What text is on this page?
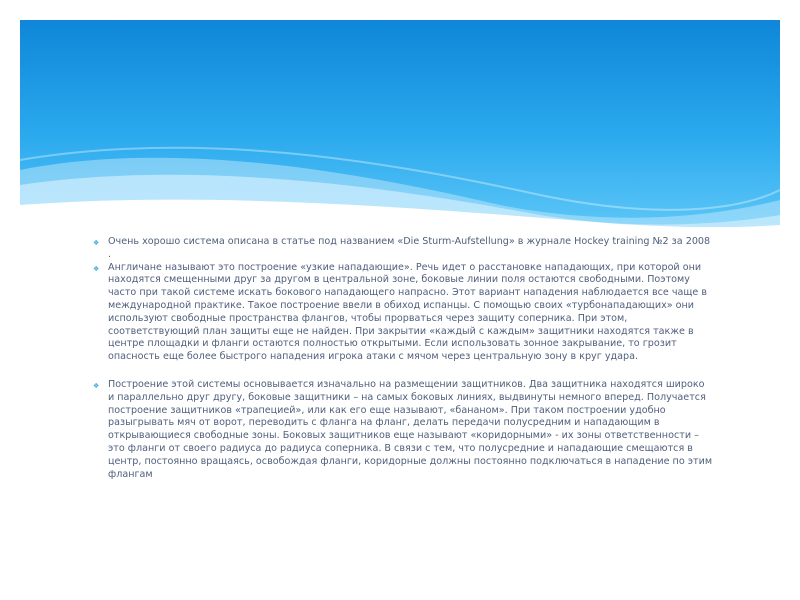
❖ Очень хорошо система описана в статье под названием «Die Sturm-Aufstellung» в журнале Hockey training №2 за 2008 .

❖ Англичане называют это построение «узкие нападающие». Речь идет о расстановке нападающих, при которой они находятся смещенными друг за другом в центральной зоне, боковые линии поля остаются свободными. Поэтому часто при такой системе искать бокового нападающего напрасно. Этот вариант нападения наблюдается все чаще в международной практике. Такое построение ввели в обиход испанцы. С помощью своих «турбонападающих» они используют свободные пространства флангов, чтобы прорваться через защиту соперника. При этом, соответствующий план защиты еще не найден. При закрытии «каждый с каждым» защитники находятся также в центре площадки и фланги остаются полностью открытыми. Если использовать зонное закрывание, то грозит опасность еще более быстрого нападения игрока атаки с мячом через центральную зону в круг удара.

❖ Построение этой системы основывается изначально на размещении защитников. Два защитника находятся широко и параллельно друг другу, боковые защитники – на самых боковых линиях, выдвинуты немного вперед. Получается построение защитников «трапецией», или как его еще называют, «бананом». При таком построении удобно разыгрывать мяч от ворот, переводить с фланга на фланг, делать передачи полусредним и нападающим в открывающиеся свободные зоны. Боковых защитников еще называют «коридорными» - их зоны ответственности – это фланги от своего радиуса до радиуса соперника. В связи с тем, что полусредние и нападающие смещаются в центр, постоянно вращаясь, освобождая фланги, коридорные должны постоянно подключаться в нападение по этим флангам
